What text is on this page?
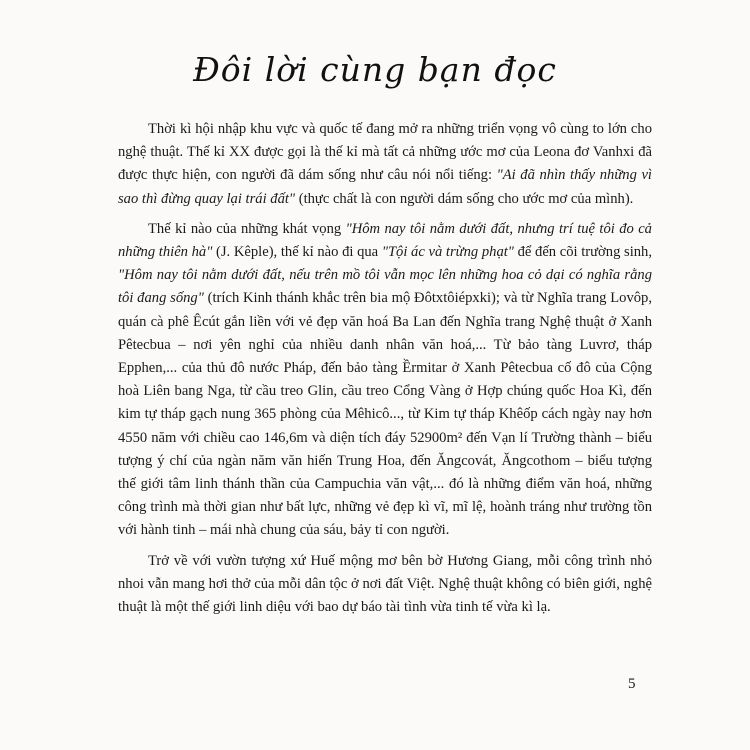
Đôi lời cùng bạn đọc

Thời kì hội nhập khu vực và quốc tế đang mở ra những triển vọng vô cùng to lớn cho nghệ thuật. Thế kỉ XX được gọi là thế kỉ mà tất cả những ước mơ của Leona đơ Vanhxi đã được thực hiện, con người đã dám sống như câu nói nổi tiếng: "Ai đã nhìn thấy những vì sao thì đừng quay lại trái đất" (thực chất là con người dám sống cho ước mơ của mình).

Thế kỉ nào của những khát vọng "Hôm nay tôi nằm dưới đất, nhưng trí tuệ tôi đo cả những thiên hà" (J. Kêple), thế kỉ nào đi qua "Tội ác và trừng phạt" để đến cõi trường sinh, "Hôm nay tôi nằm dưới đất, nếu trên mồ tôi vẫn mọc lên những hoa cỏ dại có nghĩa rằng tôi đang sống" (trích Kinh thánh khắc trên bia mộ Đôtxtôiépxki); và từ Nghĩa trang Lovôp, quán cà phê Êcút gắn liền với vẻ đẹp văn hoá Ba Lan đến Nghĩa trang Nghệ thuật ở Xanh Pêtecbua – nơi yên nghỉ của nhiều danh nhân văn hoá,... Từ bảo tàng Luvrơ, tháp Epphen,... của thủ đô nước Pháp, đến bảo tàng Ềrmitar ở Xanh Pêtecbua cố đô của Cộng hoà Liên bang Nga, từ cầu treo Glin, cầu treo Cổng Vàng ở Hợp chúng quốc Hoa Kì, đến kim tự tháp gạch nung 365 phòng của Mêhicô..., từ Kim tự tháp Khêốp cách ngày nay hơn 4550 năm với chiều cao 146,6m và diện tích đáy 52900m² đến Vạn lí Trường thành – biểu tượng ý chí của ngàn năm văn hiến Trung Hoa, đến Ăngcovát, Ăngcothom – biểu tượng thế giới tâm linh thánh thần của Campuchia văn vật,... đó là những điểm văn hoá, những công trình mà thời gian như bất lực, những vẻ đẹp kì vĩ, mĩ lệ, hoành tráng như trường tồn với hành tinh – mái nhà chung của sáu, bảy tỉ con người.

Trở về với vườn tượng xứ Huế mộng mơ bên bờ Hương Giang, mỗi công trình nhỏ nhoi vẫn mang hơi thở của mỗi dân tộc ở nơi đất Việt. Nghệ thuật không có biên giới, nghệ thuật là một thế giới linh diệu với bao dự báo tài tình vừa tinh tế vừa kì lạ.

5
